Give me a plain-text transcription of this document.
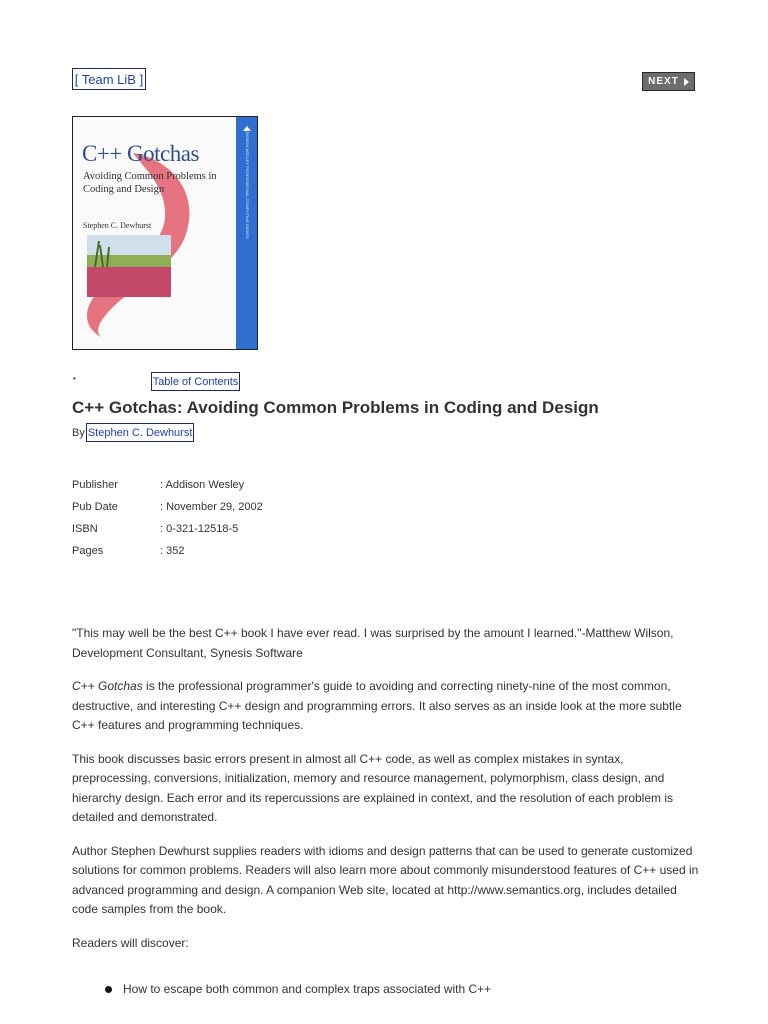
[ Team LiB ]	NEXT
C++ Gotchas
Avoiding Common Problems in Coding and Design
Stephen C. Dewhurst
•	Table of Contents
C++ Gotchas: Avoiding Common Problems in Coding and Design
By Stephen C. Dewhurst
Publisher	: Addison Wesley
Pub Date	: November 29, 2002
ISBN	: 0-321-12518-5
Pages	: 352

"This may well be the best C++ book I have ever read. I was surprised by the amount I learned."-Matthew Wilson, Development Consultant, Synesis Software

C++ Gotchas is the professional programmer's guide to avoiding and correcting ninety-nine of the most common, destructive, and interesting C++ design and programming errors. It also serves as an inside look at the more subtle C++ features and programming techniques.

This book discusses basic errors present in almost all C++ code, as well as complex mistakes in syntax, preprocessing, conversions, initialization, memory and resource management, polymorphism, class design, and hierarchy design. Each error and its repercussions are explained in context, and the resolution of each problem is detailed and demonstrated.

Author Stephen Dewhurst supplies readers with idioms and design patterns that can be used to generate customized solutions for common problems. Readers will also learn more about commonly misunderstood features of C++ used in advanced programming and design. A companion Web site, located at http://www.semantics.org, includes detailed code samples from the book.

Readers will discover:

How to escape both common and complex traps associated with C++
